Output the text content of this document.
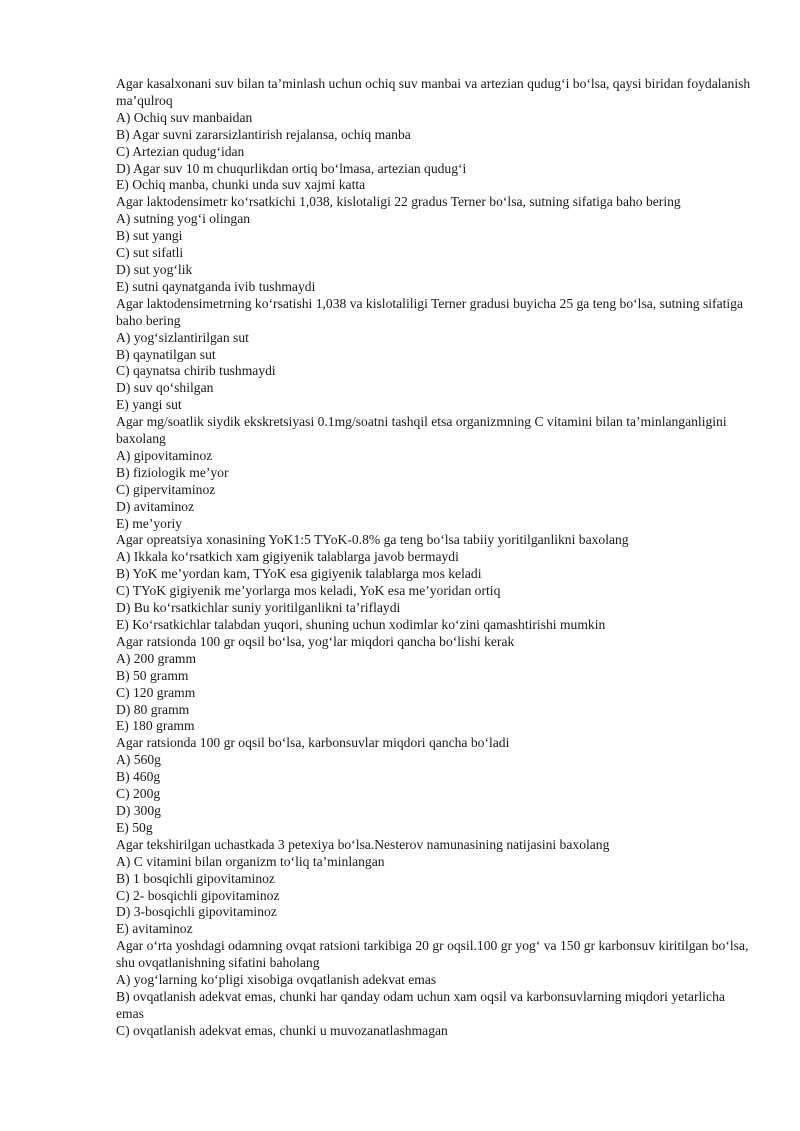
Agar kasalxonani suv bilan ta’minlash uchun ochiq suv manbai va artezian qudug‘i bo‘lsa, qaysi biridan foydalanish ma’qulroq
A) Ochiq suv manbaidan
B) Agar suvni zararsizlantirish rejalansa, ochiq manba
C) Artezian qudug‘idan
D) Agar suv 10 m chuqurlikdan ortiq bo‘lmasa, artezian qudug‘i
E) Ochiq manba, chunki unda suv xajmi katta
Agar laktodensimetr ko‘rsatkichi 1,038, kislotaligi 22 gradus Terner bo‘lsa, sutning sifatiga baho bering
A) sutning yog‘i olingan
B) sut yangi
C) sut sifatli
D) sut yog‘lik
E) sutni qaynatganda ivib tushmaydi
Agar laktodensimetrning ko‘rsatishi 1,038 va kislotaliligi Terner gradusi buyicha 25 ga teng bo‘lsa, sutning sifatiga baho bering
A) yog‘sizlantirilgan sut
B) qaynatilgan sut
C) qaynatsa chirib tushmaydi
D) suv qo‘shilgan
E) yangi sut
Agar mg/soatlik siydik ekskretsiyasi 0.1mg/soatni tashqil etsa organizmning C vitamini bilan ta’minlanganligini baxolang
A) gipovitaminoz
B) fiziologik me’yor
C) gipervitaminoz
D) avitaminoz
E) me’yoriy
Agar opreatsiya xonasining YoK1:5 TYoK-0.8% ga teng bo‘lsa tabiiy yoritilganlikni baxolang
A) Ikkala ko‘rsatkich xam gigiyenik talablarga javob bermaydi
B) YoK me’yordan kam, TYoK esa gigiyenik talablarga mos keladi
C) TYoK gigiyenik me’yorlarga mos keladi, YoK esa me’yoridan ortiq
D) Bu ko‘rsatkichlar suniy yoritilganlikni ta’riflaydi
E) Ko‘rsatkichlar talabdan yuqori, shuning uchun xodimlar ko‘zini qamashtirishi mumkin
Agar ratsionda 100 gr oqsil bo‘lsa, yog‘lar miqdori qancha bo‘lishi kerak
A) 200 gramm
B) 50 gramm
C) 120 gramm
D) 80 gramm
E) 180 gramm
Agar ratsionda 100 gr oqsil bo‘lsa, karbonsuvlar miqdori qancha bo‘ladi
A) 560g
B) 460g
C) 200g
D) 300g
E) 50g
Agar tekshirilgan uchastkada 3 petexiya bo‘lsa.Nesterov namunasining natijasini baxolang
A) C vitamini bilan organizm to‘liq ta’minlangan
B) 1 bosqichli gipovitaminoz
C) 2- bosqichli gipovitaminoz
D) 3-bosqichli gipovitaminoz
E) avitaminoz
Agar o‘rta yoshdagi odamning ovqat ratsioni tarkibiga 20 gr oqsil.100 gr yog‘ va 150 gr karbonsuv kiritilgan bo‘lsa, shu ovqatlanishning sifatini baholang
A) yog‘larning ko‘pligi xisobiga ovqatlanish adekvat emas
B) ovqatlanish adekvat emas, chunki har qanday odam uchun xam oqsil va karbonsuvlarning miqdori yetarlicha emas
C) ovqatlanish adekvat emas, chunki u muvozanatlashmagan
